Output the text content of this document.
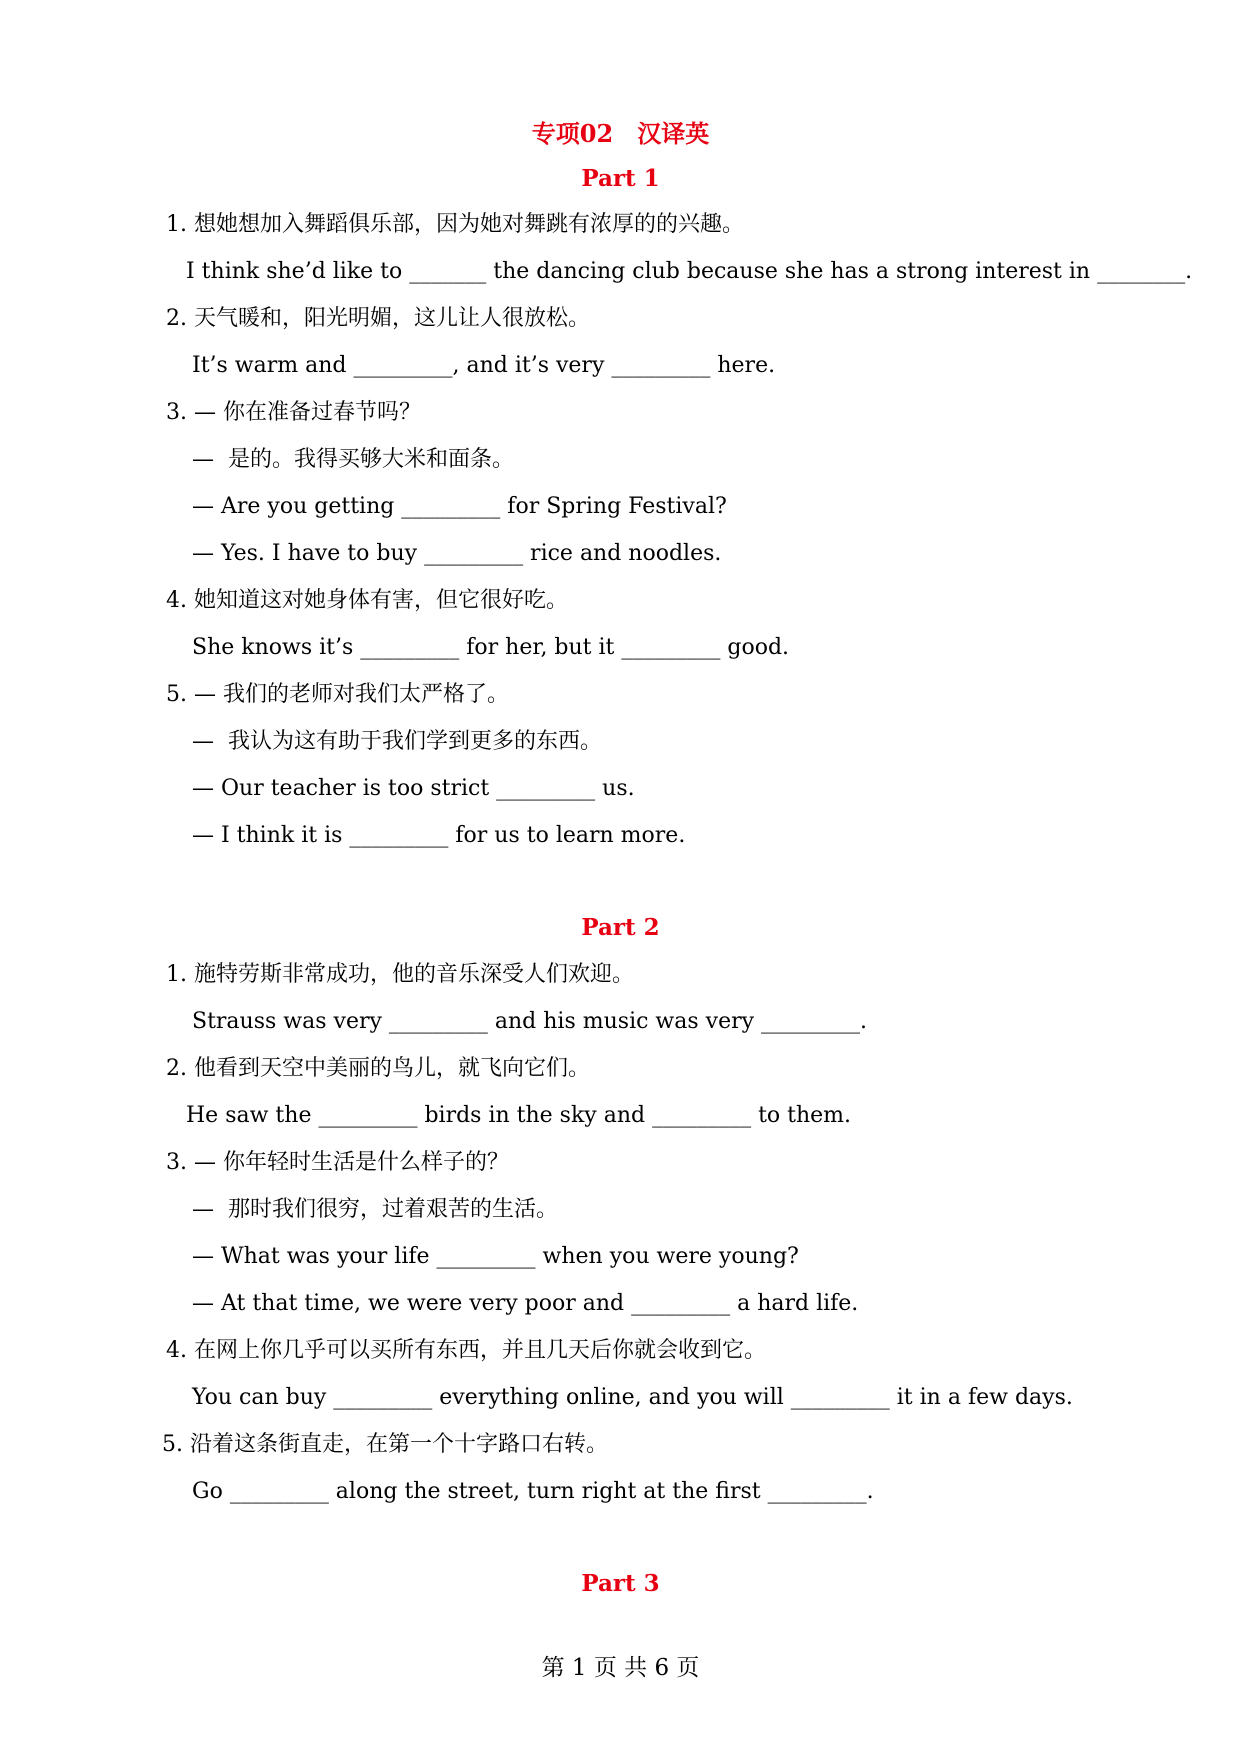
专项02　汉译英
Part 1
1. 想她想加入舞蹈俱乐部，因为她对舞跳有浓厚的的兴趣。
I think she’d like to _______ the dancing club because she has a strong interest in ________.
2. 天气暖和，阳光明媚，这儿让人很放松。
It’s warm and _________, and it’s very _________ here.
3. — 你在准备过春节吗？
—  是的。我得买够大米和面条。
— Are you getting _________ for Spring Festival?
— Yes. I have to buy _________ rice and noodles.
4. 她知道这对她身体有害，但它很好吃。
She knows it’s _________ for her, but it _________ good.
5. — 我们的老师对我们太严格了。
—  我认为这有助于我们学到更多的东西。
— Our teacher is too strict _________ us.
— I think it is _________ for us to learn more.
Part 2
1. 施特劳斯非常成功，他的音乐深受人们欢迎。
Strauss was very _________ and his music was very _________.
2. 他看到天空中美丽的鸟儿，就飞向它们。
He saw the _________ birds in the sky and _________ to them.
3. — 你年轻时生活是什么样子的？
—  那时我们很穷，过着艰苦的生活。
— What was your life _________ when you were young?
— At that time, we were very poor and _________ a hard life.
4. 在网上你几乎可以买所有东西，并且几天后你就会收到它。
You can buy _________ everything online, and you will _________ it in a few days.
5. 沿着这条街直走，在第一个十字路口右转。
Go _________ along the street, turn right at the first _________.
Part 3
第 1 页 共 6 页
